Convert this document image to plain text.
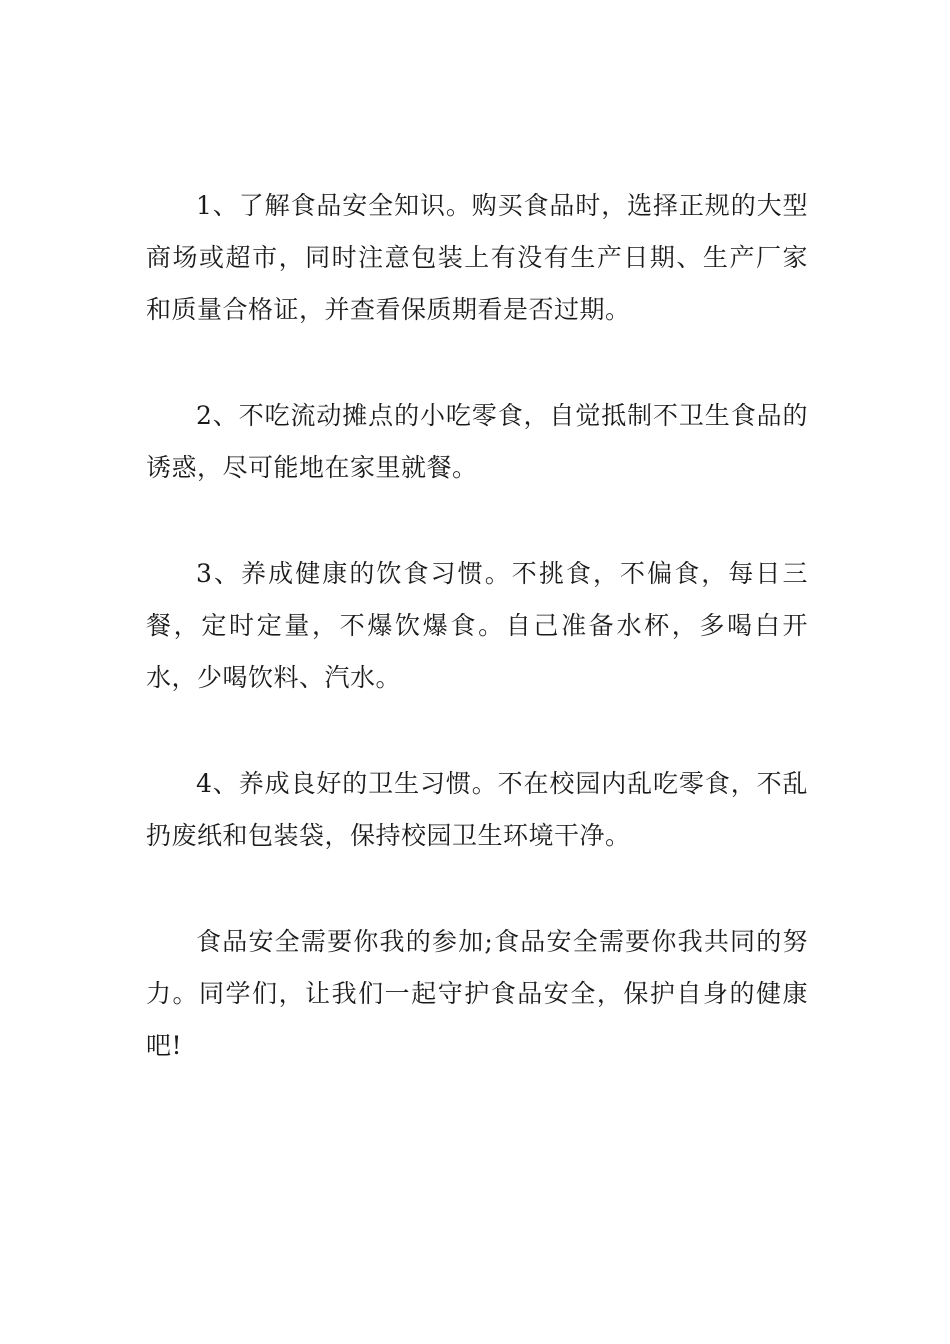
1、了解食品安全知识。购买食品时，选择正规的大型商场或超市，同时注意包装上有没有生产日期、生产厂家和质量合格证，并查看保质期看是否过期。

2、不吃流动摊点的小吃零食，自觉抵制不卫生食品的诱惑，尽可能地在家里就餐。

3、养成健康的饮食习惯。不挑食，不偏食，每日三餐，定时定量，不爆饮爆食。自己准备水杯，多喝白开水，少喝饮料、汽水。

4、养成良好的卫生习惯。不在校园内乱吃零食，不乱扔废纸和包装袋，保持校园卫生环境干净。

食品安全需要你我的参加;食品安全需要你我共同的努力。同学们，让我们一起守护食品安全，保护自身的健康吧!
